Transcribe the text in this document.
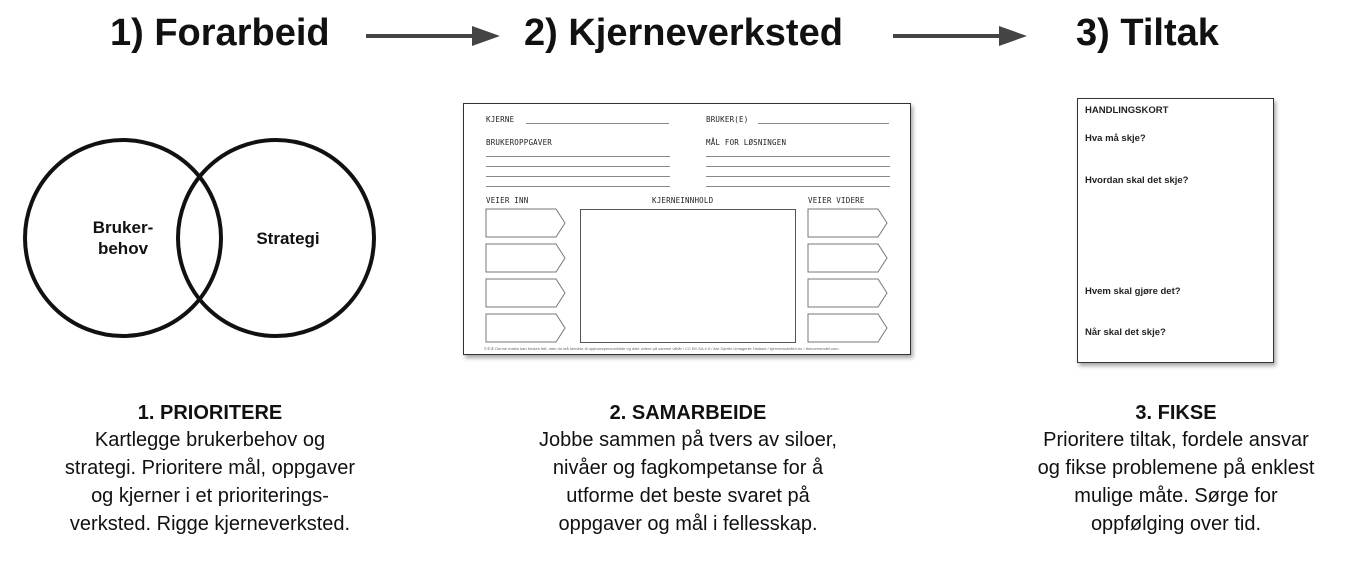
1) Forarbeid	2) Kjerneverksted	3) Tiltak
Bruker-
behov
Strategi
KJERNE	BRUKER(E)
BRUKEROPPGAVER	MÅL FOR LØSNINGEN
VEIER INN	KJERNEINNHOLD	VEIER VIDERE
©①③ Denne malen kan brukes fritt, men du må henvise til opphavsperson/kilde og dele videre på samme vilkår / CC BY-SA 4.0 / Are Gjertin Umagenie Halland / kjernemodellen.no / thecoremodel.com
HANDLINGSKORT
Hva må skje?
Hvordan skal det skje?
Hvem skal gjøre det?
Når skal det skje?
1. PRIORITERE
Kartlegge brukerbehov og
strategi. Prioritere mål, oppgaver
og kjerner i et prioriterings-
verksted. Rigge kjerneverksted.
2. SAMARBEIDE
Jobbe sammen på tvers av siloer,
nivåer og fagkompetanse for å
utforme det beste svaret på
oppgaver og mål i fellesskap.
3. FIKSE
Prioritere tiltak, fordele ansvar
og fikse problemene på enklest
mulige måte. Sørge for
oppfølging over tid.
